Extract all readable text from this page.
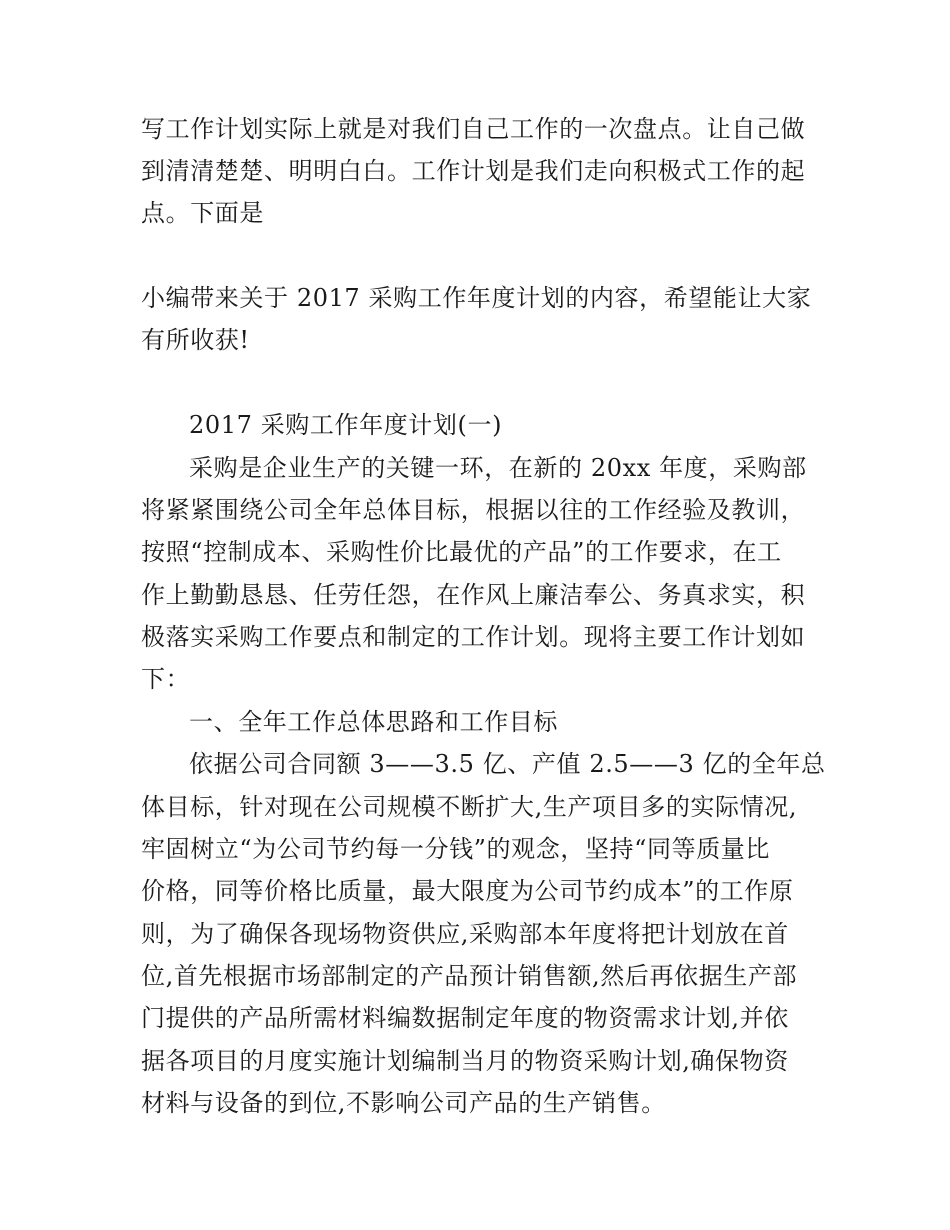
写工作计划实际上就是对我们自己工作的一次盘点。让自己做

到清清楚楚、明明白白。工作计划是我们走向积极式工作的起

点。下面是

小编带来关于 2017 采购工作年度计划的内容，希望能让大家

有所收获!

2017 采购工作年度计划(一)

采购是企业生产的关键一环，在新的 20xx 年度，采购部

将紧紧围绕公司全年总体目标，根据以往的工作经验及教训，

按照“控制成本、采购性价比最优的产品”的工作要求，在工

作上勤勤恳恳、任劳任怨，在作风上廉洁奉公、务真求实，积

极落实采购工作要点和制定的工作计划。现将主要工作计划如

下：

一、全年工作总体思路和工作目标

依据公司合同额 3——3.5 亿、产值 2.5——3 亿的全年总

体目标，针对现在公司规模不断扩大,生产项目多的实际情况,

牢固树立“为公司节约每一分钱”的观念，坚持“同等质量比

价格，同等价格比质量，最大限度为公司节约成本”的工作原

则，为了确保各现场物资供应,采购部本年度将把计划放在首

位,首先根据市场部制定的产品预计销售额,然后再依据生产部

门提供的产品所需材料编数据制定年度的物资需求计划,并依

据各项目的月度实施计划编制当月的物资采购计划,确保物资

材料与设备的到位,不影响公司产品的生产销售。
